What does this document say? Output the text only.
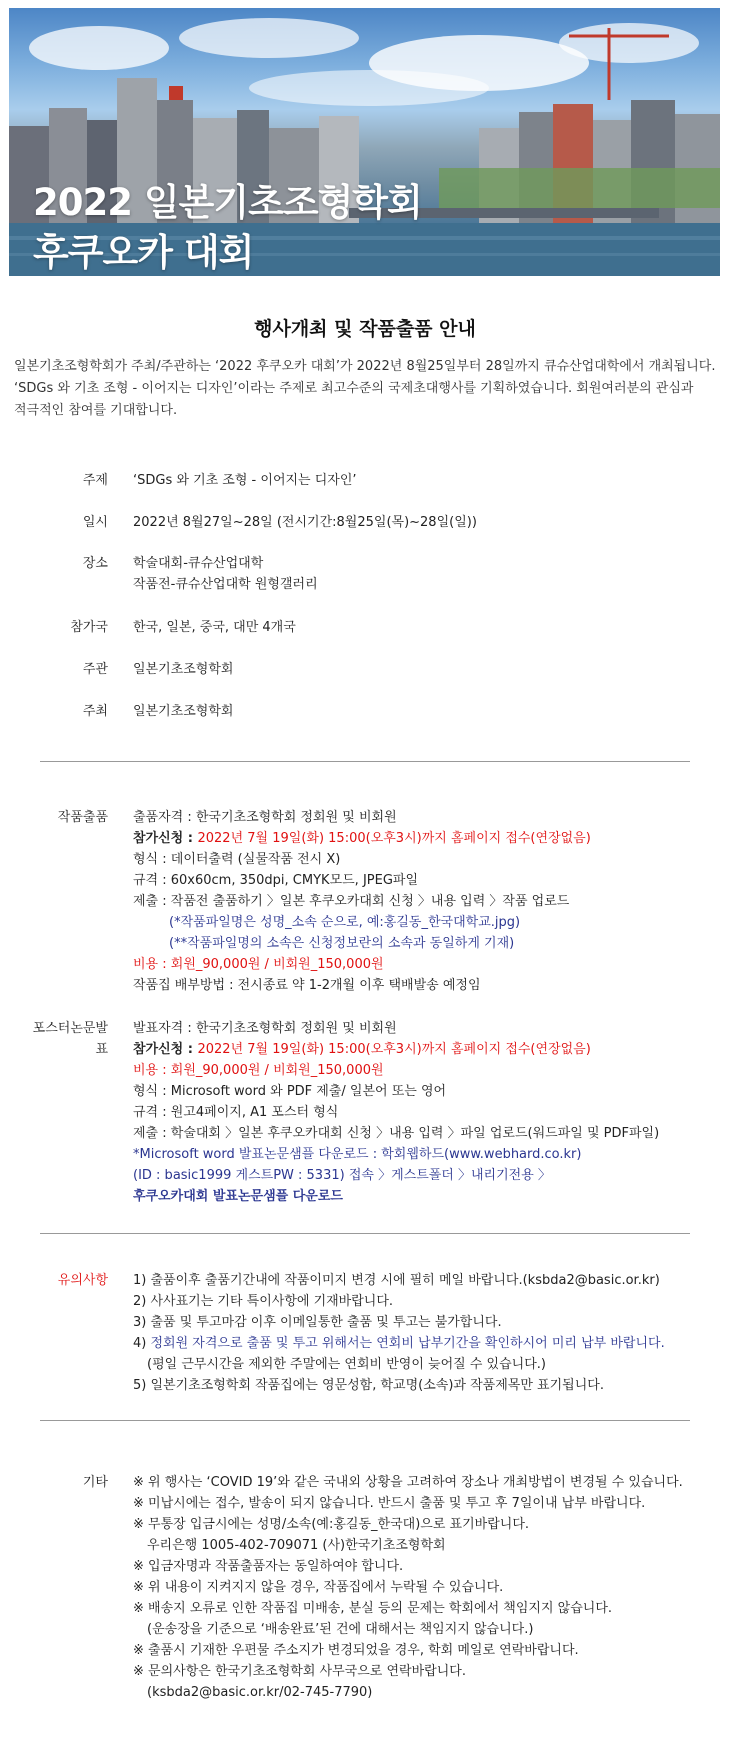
2022 일본기초조형학회
후쿠오카 대회
행사개최 및 작품출품 안내
일본기초조형학회가 주최/주관하는 ‘2022 후쿠오카 대회’가 2022년 8월25일부터 28일까지 큐슈산업대학에서 개최됩니다.
‘SDGs 와 기초 조형 - 이어지는 디자인’이라는 주제로 최고수준의 국제초대행사를 기획하였습니다. 회원여러분의 관심과
적극적인 참여를 기대합니다.
주제 ‘SDGs 와 기초 조형 - 이어지는 디자인’
일시 2022년 8월27일~28일 (전시기간:8월25일(목)~28일(일))
장소 학술대회-큐슈산업대학
작품전-큐슈산업대학 원형갤러리
참가국 한국, 일본, 중국, 대만 4개국
주관 일본기초조형학회
주최 일본기초조형학회
작품출품 출품자격 : 한국기초조형학회 정회원 및 비회원
참가신청 : 2022년 7월 19일(화) 15:00(오후3시)까지 홈페이지 접수(연장없음)
형식 : 데이터출력 (실물작품 전시 X)
규격 : 60x60cm, 350dpi, CMYK모드, JPEG파일
제출 : 작품전 출품하기 〉일본 후쿠오카대회 신청 〉내용 입력 〉작품 업로드
(*작품파일명은 성명_소속 순으로, 예:홍길동_한국대학교.jpg)
(**작품파일명의 소속은 신청정보란의 소속과 동일하게 기재)
비용 : 회원_90,000원 / 비회원_150,000원
작품집 배부방법 : 전시종료 약 1-2개월 이후 택배발송 예정임
포스터논문발표
발표자격 : 한국기초조형학회 정회원 및 비회원
참가신청 : 2022년 7월 19일(화) 15:00(오후3시)까지 홈페이지 접수(연장없음)
비용 : 회원_90,000원 / 비회원_150,000원
형식 : Microsoft word 와 PDF 제출/ 일본어 또는 영어
규격 : 원고4페이지, A1 포스터 형식
제출 : 학술대회 〉일본 후쿠오카대회 신청 〉내용 입력 〉파일 업로드(워드파일 및 PDF파일)
*Microsoft word 발표논문샘플 다운로드 : 학회웹하드(www.webhard.co.kr)
(ID : basic1999 게스트PW : 5331) 접속 〉게스트폴더 〉내리기전용 〉
후쿠오카대회 발표논문샘플 다운로드
유의사항 1) 출품이후 출품기간내에 작품이미지 변경 시에 필히 메일 바랍니다.(ksbda2@basic.or.kr)
2) 사사표기는 기타 특이사항에 기재바랍니다.
3) 출품 및 투고마감 이후 이메일통한 출품 및 투고는 불가합니다.
4) 정회원 자격으로 출품 및 투고 위해서는 연회비 납부기간을 확인하시어 미리 납부 바랍니다.
(평일 근무시간을 제외한 주말에는 연회비 반영이 늦어질 수 있습니다.)
5) 일본기초조형학회 작품집에는 영문성함, 학교명(소속)과 작품제목만 표기됩니다.
기타 ※ 위 행사는 ‘COVID 19’와 같은 국내외 상황을 고려하여 장소나 개최방법이 변경될 수 있습니다.
※ 미납시에는 접수, 발송이 되지 않습니다. 반드시 출품 및 투고 후 7일이내 납부 바랍니다.
※ 무통장 입금시에는 성명/소속(예:홍길동_한국대)으로 표기바랍니다.
우리은행 1005-402-709071 (사)한국기초조형학회
※ 입금자명과 작품출품자는 동일하여야 합니다.
※ 위 내용이 지켜지지 않을 경우, 작품집에서 누락될 수 있습니다.
※ 배송지 오류로 인한 작품집 미배송, 분실 등의 문제는 학회에서 책임지지 않습니다.
(운송장을 기준으로 ‘배송완료’된 건에 대해서는 책임지지 않습니다.)
※ 출품시 기재한 우편물 주소지가 변경되었을 경우, 학회 메일로 연락바랍니다.
※ 문의사항은 한국기초조형학회 사무국으로 연락바랍니다.
(ksbda2@basic.or.kr/02-745-7790)
